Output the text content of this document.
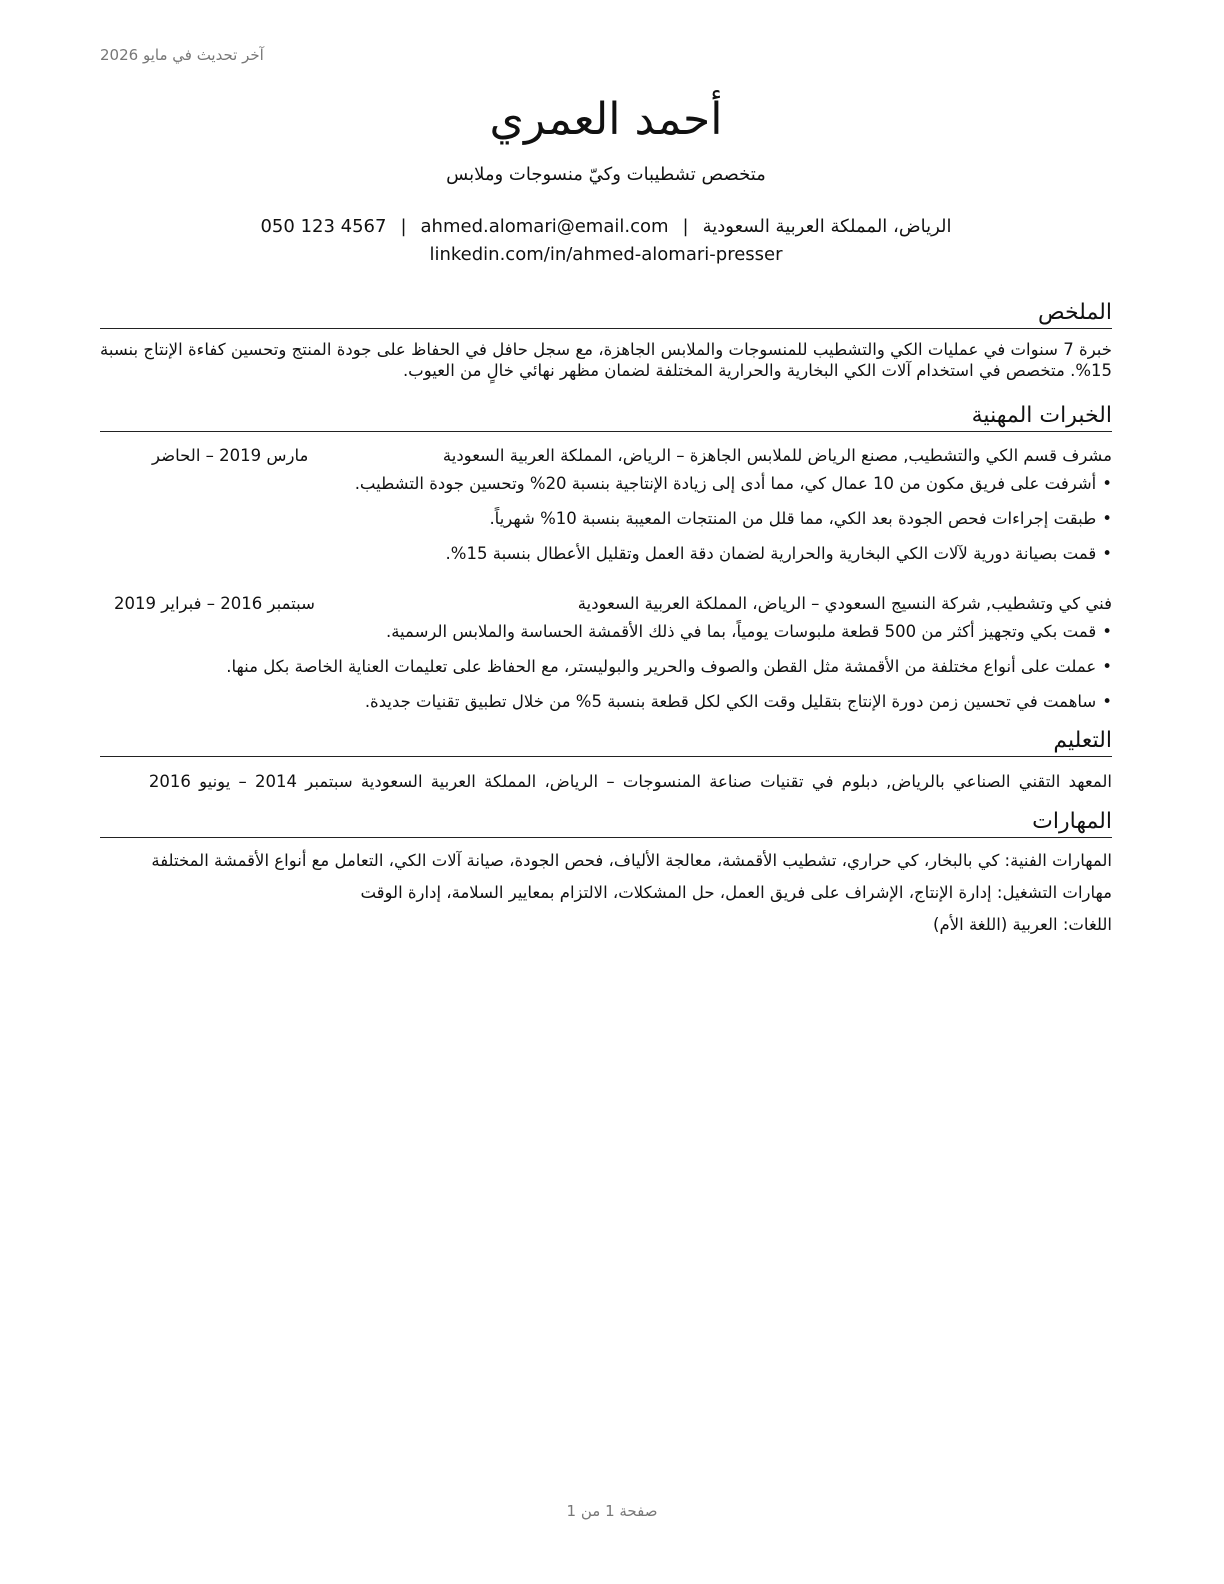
آخر تحديث في مايو 2026
أحمد العمري
متخصص تشطيبات وكيّ منسوجات وملابس
الرياض، المملكة العربية السعودية|ahmed.alomari@email.com|050 123 4567
linkedin.com/in/ahmed-alomari-presser
الملخص
خبرة 7 سنوات في عمليات الكي والتشطيب للمنسوجات والملابس الجاهزة، مع سجل حافل في الحفاظ على جودة المنتج وتحسين كفاءة الإنتاج بنسبة 15%. متخصص في استخدام آلات الكي البخارية والحرارية المختلفة لضمان مظهر نهائي خالٍ من العيوب.
الخبرات المهنية
مشرف قسم الكي والتشطيب, مصنع الرياض للملابس الجاهزة – الرياض، المملكة العربية السعودية
مارس 2019 – الحاضر
•أشرفت على فريق مكون من 10 عمال كي، مما أدى إلى زيادة الإنتاجية بنسبة 20% وتحسين جودة التشطيب.
•طبقت إجراءات فحص الجودة بعد الكي، مما قلل من المنتجات المعيبة بنسبة 10% شهرياً.
•قمت بصيانة دورية لآلات الكي البخارية والحرارية لضمان دقة العمل وتقليل الأعطال بنسبة 15%.
فني كي وتشطيب, شركة النسيج السعودي – الرياض، المملكة العربية السعودية
سبتمبر 2016 – فبراير 2019
•قمت بكي وتجهيز أكثر من 500 قطعة ملبوسات يومياً، بما في ذلك الأقمشة الحساسة والملابس الرسمية.
•عملت على أنواع مختلفة من الأقمشة مثل القطن والصوف والحرير والبوليستر، مع الحفاظ على تعليمات العناية الخاصة بكل منها.
•ساهمت في تحسين زمن دورة الإنتاج بتقليل وقت الكي لكل قطعة بنسبة 5% من خلال تطبيق تقنيات جديدة.
التعليم
المعهد التقني الصناعي بالرياض, دبلوم في تقنيات صناعة المنسوجات – الرياض، المملكة العربية السعودية سبتمبر 2014 – يونيو 2016
المهارات
المهارات الفنية: كي بالبخار، كي حراري، تشطيب الأقمشة، معالجة الألياف، فحص الجودة، صيانة آلات الكي، التعامل مع أنواع الأقمشة المختلفة
مهارات التشغيل: إدارة الإنتاج، الإشراف على فريق العمل، حل المشكلات، الالتزام بمعايير السلامة، إدارة الوقت
اللغات: العربية (اللغة الأم)
صفحة 1 من 1
